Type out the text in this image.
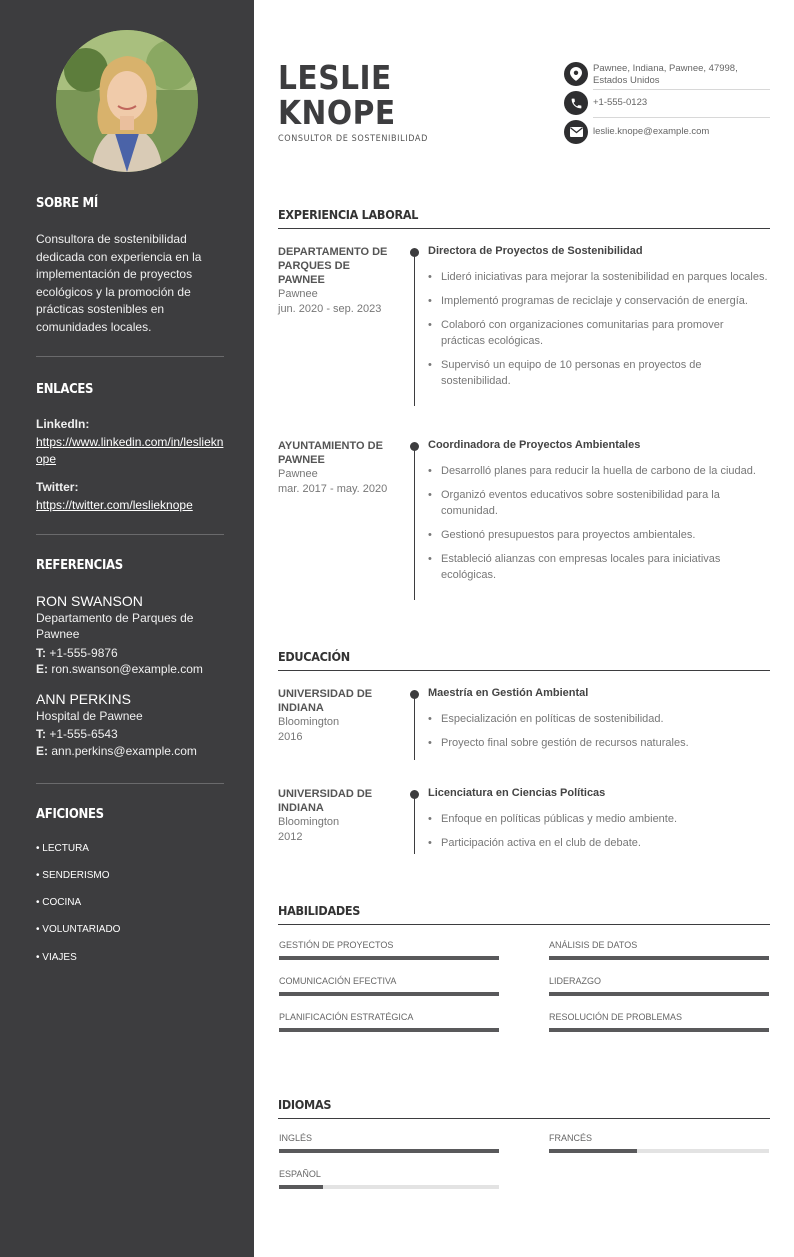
SOBRE MÍ
Consultora de sostenibilidad dedicada con experiencia en la implementación de proyectos ecológicos y la promoción de prácticas sostenibles en comunidades locales.
ENLACES
LinkedIn:
https://www.linkedin.com/in/leslieknope
Twitter:
https://twitter.com/leslieknope
REFERENCIAS
RON SWANSON
Departamento de Parques de Pawnee
T: +1-555-9876
E: ron.swanson@example.com
ANN PERKINS
Hospital de Pawnee
T: +1-555-6543
E: ann.perkins@example.com
AFICIONES
• LECTURA
• SENDERISMO
• COCINA
• VOLUNTARIADO
• VIAJES
LESLIE
KNOPE
CONSULTOR DE SOSTENIBILIDAD
Pawnee, Indiana, Pawnee, 47998, Estados Unidos
+1-555-0123
leslie.knope@example.com
EXPERIENCIA LABORAL
DEPARTAMENTO DE PARQUES DE PAWNEE
Pawnee
jun. 2020 - sep. 2023
Directora de Proyectos de Sostenibilidad
• Lideró iniciativas para mejorar la sostenibilidad en parques locales.
• Implementó programas de reciclaje y conservación de energía.
• Colaboró con organizaciones comunitarias para promover prácticas ecológicas.
• Supervisó un equipo de 10 personas en proyectos de sostenibilidad.
AYUNTAMIENTO DE PAWNEE
Pawnee
mar. 2017 - may. 2020
Coordinadora de Proyectos Ambientales
• Desarrolló planes para reducir la huella de carbono de la ciudad.
• Organizó eventos educativos sobre sostenibilidad para la comunidad.
• Gestionó presupuestos para proyectos ambientales.
• Estableció alianzas con empresas locales para iniciativas ecológicas.
EDUCACIÓN
UNIVERSIDAD DE INDIANA
Bloomington
2016
Maestría en Gestión Ambiental
• Especialización en políticas de sostenibilidad.
• Proyecto final sobre gestión de recursos naturales.
UNIVERSIDAD DE INDIANA
Bloomington
2012
Licenciatura en Ciencias Políticas
• Enfoque en políticas públicas y medio ambiente.
• Participación activa en el club de debate.
HABILIDADES
GESTIÓN DE PROYECTOS	ANÁLISIS DE DATOS
COMUNICACIÓN EFECTIVA	LIDERAZGO
PLANIFICACIÓN ESTRATÉGICA	RESOLUCIÓN DE PROBLEMAS
IDIOMAS
INGLÉS	FRANCÉS
ESPAÑOL
